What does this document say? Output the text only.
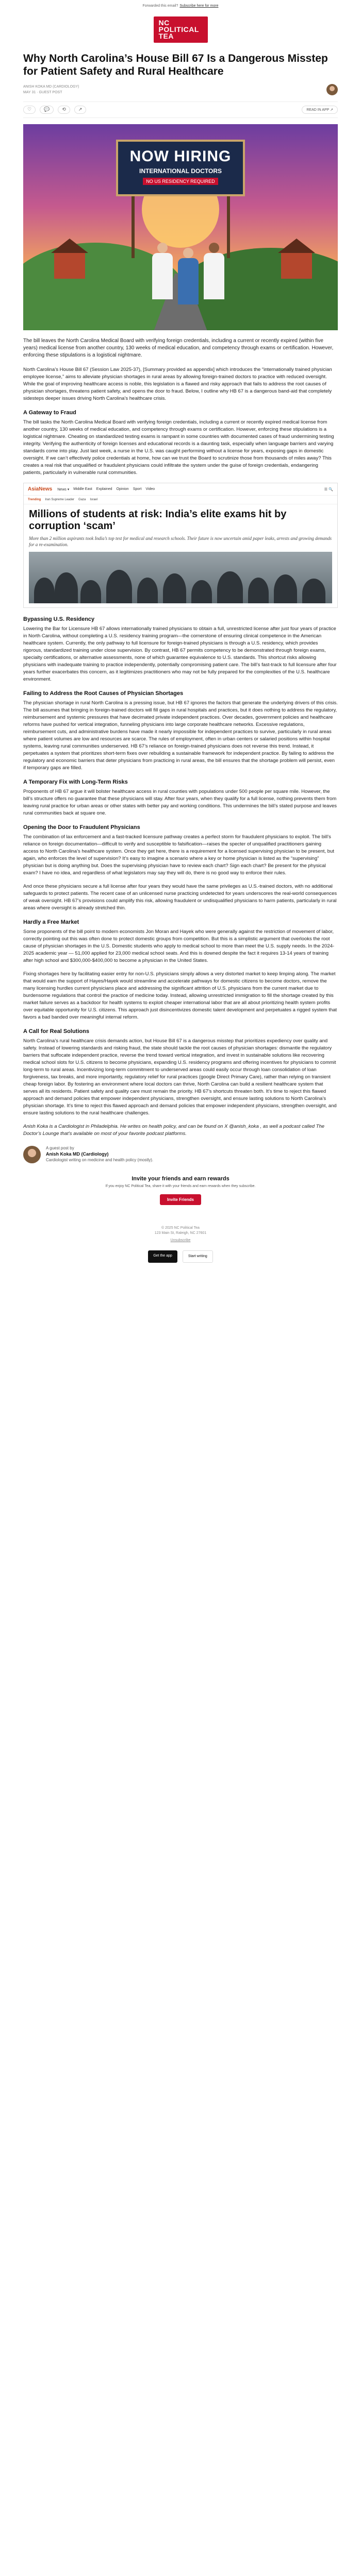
Forwarded this email? Subscribe here for more
NC POLITICAL TEA
Why North Carolina’s House Bill 67 Is a Dangerous Misstep for Patient Safety and Rural Healthcare
ANISH KOKA MD (CARDIOLOGY)
MAY 31 · GUEST POST
♡	💬	⟲	↗	READ IN APP ↗
NOW HIRING
INTERNATIONAL DOCTORS
NO US RESIDENCY REQUIRED
The bill leaves the North Carolina Medical Board with verifying foreign credentials, including a current or recently expired (within five years) medical license from another country, 130 weeks of medical education, and competency through exams or certification. However, enforcing these stipulations is a logistical nightmare.

North Carolina’s House Bill 67 (Session Law 2025-37), [Summary provided as appendix] which introduces the “internationally trained physician employee license,” aims to alleviate physician shortages in rural areas by allowing foreign-trained doctors to practice with reduced oversight. While the goal of improving healthcare access is noble, this legislation is a flawed and risky approach that fails to address the root causes of physician shortages, threatens patient safety, and opens the door to fraud. Below, I outline why HB 67 is a dangerous band-aid that completely sidesteps deeper issues driving North Carolina’s healthcare crisis.

A Gateway to Fraud

The bill tasks the North Carolina Medical Board with verifying foreign credentials, including a current or recently expired medical license from another country, 130 weeks of medical education, and competency through exams or certification. However, enforcing these stipulations is a logistical nightmare. Cheating on standardized testing exams is rampant in some countries with documented cases of fraud undermining testing integrity. Verifying the authenticity of foreign licenses and educational records is a daunting task, especially when language barriers and varying standards come into play. Just last week, a nurse in the U.S. was caught performing without a license for years, exposing gaps in domestic oversight. If we can’t effectively police credentials at home, how can we trust the Board to scrutinize those from thousands of miles away? This creates a real risk that unqualified or fraudulent physicians could infiltrate the system under the guise of foreign credentials, endangering patients, particularly in vulnerable rural communities.

AsiaNews News ▾ Middle East Explained Opinion Sport Video	☰ 🔍
Trending Iran Supreme Leader Gaza Israel
Millions of students at risk: India’s elite exams hit by corruption ‘scam’
More than 2 million aspirants took India’s top test for medical and research schools. Their future is now uncertain amid paper leaks, arrests and growing demands for a re-examination.
Bypassing U.S. Residency

Lowering the Bar for Licensure HB 67 allows internationally trained physicians to obtain a full, unrestricted license after just four years of practice in North Carolina, without completing a U.S. residency training program—the cornerstone of ensuring clinical competence in the American healthcare system. Currently, the only pathway to full licensure for foreign-trained physicians is through a U.S. residency, which provides rigorous, standardized training under close supervision. By contrast, HB 67 permits competency to be demonstrated through foreign exams, specialty certifications, or alternative assessments, none of which guarantee equivalence to U.S. standards. This shortcut risks allowing physicians with inadequate training to practice independently, potentially compromising patient care. The bill’s fast-track to full licensure after four years further exacerbates this concern, as it legitimizes practitioners who may not be fully prepared for the complexities of the U.S. healthcare environment.

Failing to Address the Root Causes of Physician Shortages

The physician shortage in rural North Carolina is a pressing issue, but HB 67 ignores the factors that generate the underlying drivers of this crisis. The bill assumes that bringing in foreign-trained doctors will fill gaps in rural hospitals and practices, but it does nothing to address the regulatory, reimbursement and systemic pressures that have decimated private independent practices. Over decades, government policies and healthcare reforms have pushed for vertical integration, funneling physicians into large corporate healthcare networks. Excessive regulations, reimbursement cuts, and administrative burdens have made it nearly impossible for independent practices to survive, particularly in rural areas where patient volumes are low and resources are scarce. The rules of employment, often in urban centers or salaried positions within hospital systems, leaving rural communities underserved. HB 67’s reliance on foreign-trained physicians does not reverse this trend. Instead, it perpetuates a system that prioritizes short-term fixes over rebuilding a sustainable framework for independent practice. By failing to address the regulatory and economic barriers that deter physicians from practicing in rural areas, the bill ensures that the shortage problem will persist, even if temporary gaps are filled.

A Temporary Fix with Long-Term Risks

Proponents of HB 67 argue it will bolster healthcare access in rural counties with populations under 500 people per square mile. However, the bill’s structure offers no guarantee that these physicians will stay. After four years, when they qualify for a full license, nothing prevents them from leaving rural practice for urban areas or other states with better pay and working conditions. This undermines the bill’s stated purpose and leaves rural communities back at square one.

Opening the Door to Fraudulent Physicians

The combination of lax enforcement and a fast-tracked licensure pathway creates a perfect storm for fraudulent physicians to exploit. The bill’s reliance on foreign documentation—difficult to verify and susceptible to falsification—raises the specter of unqualified practitioners gaining access to North Carolina’s healthcare system. Once they get here, there is a requirement for a licensed supervising physician to be present, but again, who enforces the level of supervision? It’s easy to imagine a scenario where a key or home physician is listed as the “supervising” physician but is doing anything but. Does the supervising physician have to review each chart? Sign each chart? Be present for the physical exam? I have no idea, and regardless of what legislators may say they will do, there is no good way to enforce their rules.

And once these physicians secure a full license after four years they would have the same privileges as U.S.-trained doctors, with no additional safeguards to protect patients. The recent case of an unlicensed nurse practicing undetected for years underscores the real-world consequences of weak oversight. HB 67’s provisions could amplify this risk, allowing fraudulent or undisqualified physicians to harm patients, particularly in rural areas where oversight is already stretched thin.

Hardly a Free Market

Some proponents of the bill point to modern economists Jon Moran and Hayek who were generally against the restriction of movement of labor, correctly pointing out this was often done to protect domestic groups from competition. But this is a simplistic argument that overlooks the root cause of physician shortages in the U.S. Domestic students who apply to medical school to more than meet the U.S. supply needs. In the 2024-2025 academic year — 51,000 applied for 23,000 medical school seats. And this is downed despite the fact it requires 13-14 years of training after high school and $300,000-$400,000 to become a physician in the United States.

Fixing shortages here by facilitating easier entry for non-U.S. physicians simply allows a very distorted market to keep limping along. The market that would earn the support of Hayes/Hayek would streamline and accelerate pathways for domestic citizens to become doctors, remove the many licensing hurdles current physicians place and addressing the significant attrition of U.S. physicians from the current market due to burdensome regulations that control the practice of medicine today. Instead, allowing unrestricted immigration to fill the shortage created by this market failure serves as a backdoor for health systems to exploit cheaper international labor that are all about prioritizing health system profits over equitable opportunity for U.S. citizens. This approach just disincentivizes domestic talent development and perpetuates a rigged system that favors a bad banded over meaningful internal reform.

A Call for Real Solutions

North Carolina’s rural healthcare crisis demands action, but House Bill 67 is a dangerous misstep that prioritizes expediency over quality and safety. Instead of lowering standards and risking fraud, the state should tackle the root causes of physician shortages: dismantle the regulatory barriers that suffocate independent practice, reverse the trend toward vertical integration, and invest in sustainable solutions like recovering medical school slots for U.S. citizens to become physicians, expanding U.S. residency programs and offering incentives for physicians to commit long-term to rural areas. Incentivizing long-term commitment to underserved areas could easily occur through loan consolidation of loan forgiveness, tax breaks, and more importantly, regulatory relief for rural practices (google Direct Primary Care), rather than relying on transient cheap foreign labor. By fostering an environment where local doctors can thrive, North Carolina can build a resilient healthcare system that serves all its residents. Patient safety and quality care must remain the priority. HB 67’s shortcuts threaten both. It’s time to reject this flawed approach and demand policies that empower independent physicians, strengthen oversight, and ensure lasting solutions to North Carolina’s physician shortage. It’s time to reject this flawed approach and demand policies that empower independent physicians, strengthen oversight, and ensure lasting solutions to the rural healthcare challenges.

Anish Koka is a Cardiologist in Philadelphia. He writes on health policy, and can be found on X @anish_koka , as well a podcast called The Doctor’s Lounge that’s available on most of your favorite podcast platforms.

A guest post by
Anish Koka MD (Cardiology)
Cardiologist writing on medicine and health policy (mostly).
Invite your friends and earn rewards
If you enjoy NC Political Tea, share it with your friends and earn rewards when they subscribe.
Invite Friends
© 2025 NC Political Tea
123 Main St, Raleigh, NC 27601
Unsubscribe
Get the app	Start writing
